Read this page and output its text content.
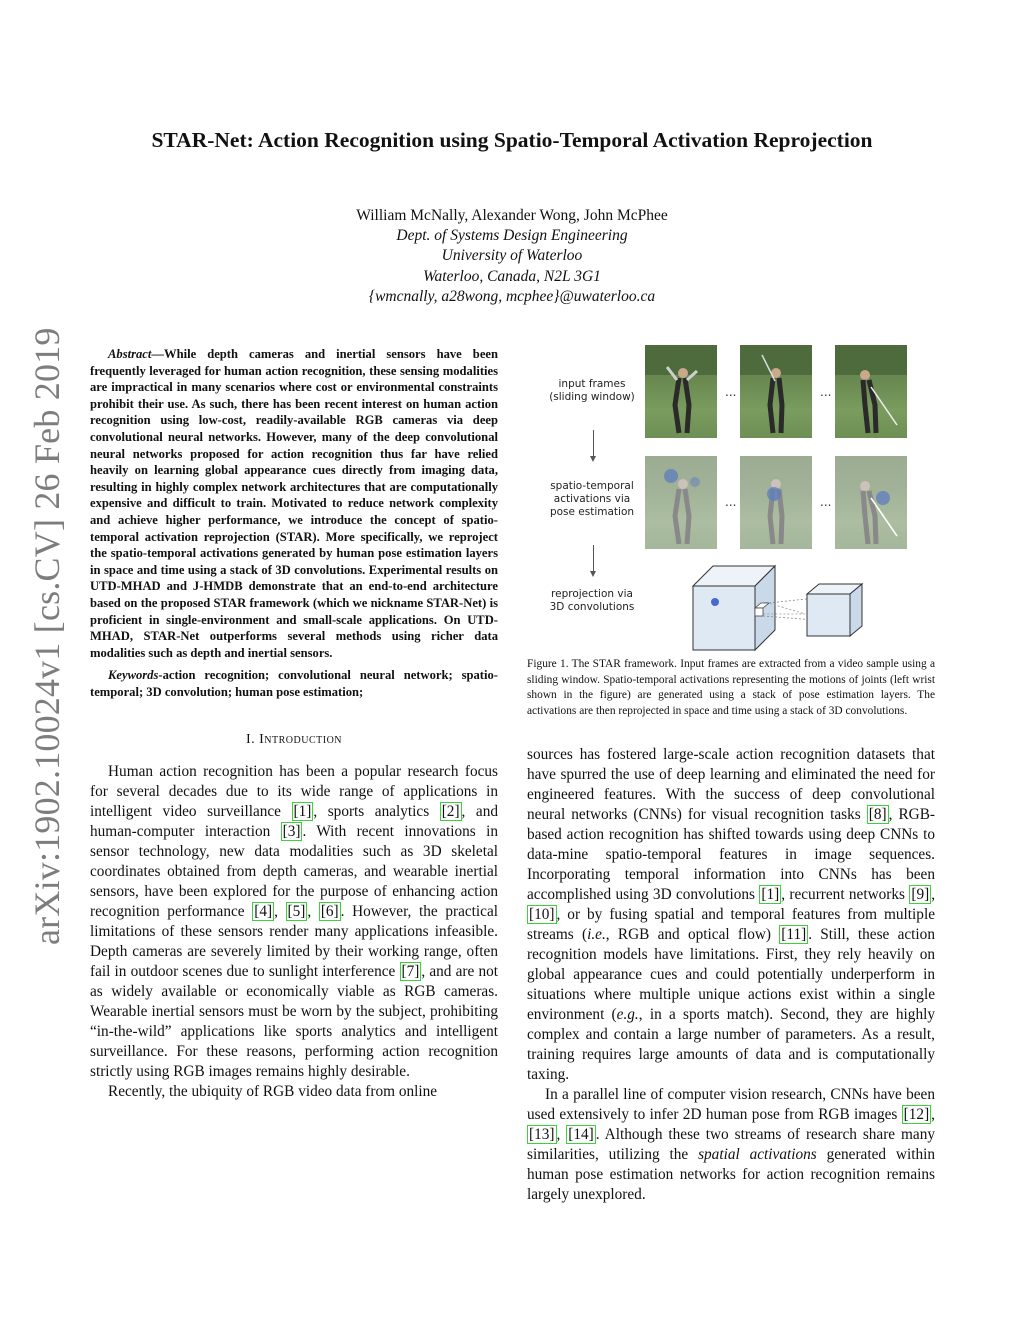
arXiv:1902.10024v1 [cs.CV] 26 Feb 2019
STAR-Net: Action Recognition using Spatio-Temporal Activation Reprojection
William McNally, Alexander Wong, John McPhee
Dept. of Systems Design Engineering
University of Waterloo
Waterloo, Canada, N2L 3G1
{wmcnally, a28wong, mcphee}@uwaterloo.ca

Abstract—While depth cameras and inertial sensors have been frequently leveraged for human action recognition, these sensing modalities are impractical in many scenarios where cost or environmental constraints prohibit their use. As such, there has been recent interest on human action recognition using low-cost, readily-available RGB cameras via deep convolutional neural networks. However, many of the deep convolutional neural networks proposed for action recognition thus far have relied heavily on learning global appearance cues directly from imaging data, resulting in highly complex network architectures that are computationally expensive and difficult to train. Motivated to reduce network complexity and achieve higher performance, we introduce the concept of spatio-temporal activation reprojection (STAR). More specifically, we reproject the spatio-temporal activations generated by human pose estimation layers in space and time using a stack of 3D convolutions. Experimental results on UTD-MHAD and J-HMDB demonstrate that an end-to-end architecture based on the proposed STAR framework (which we nickname STAR-Net) is proficient in single-environment and small-scale applications. On UTD-MHAD, STAR-Net outperforms several methods using richer data modalities such as depth and inertial sensors.

Keywords-action recognition; convolutional neural network; spatio-temporal; 3D convolution; human pose estimation;

I. Introduction

Human action recognition has been a popular research focus for several decades due to its wide range of applications in intelligent video surveillance [1] , sports analytics [2] , and human-computer interaction [3] . With recent innovations in sensor technology, new data modalities such as 3D skeletal coordinates obtained from depth cameras, and wearable inertial sensors, have been explored for the purpose of enhancing action recognition performance [4] , [5] , [6] . However, the practical limitations of these sensors render many applications infeasible. Depth cameras are severely limited by their working range, often fail in outdoor scenes due to sunlight interference [7] , and are not as widely available or economically viable as RGB cameras. Wearable inertial sensors must be worn by the subject, prohibiting “in-the-wild” applications like sports analytics and intelligent surveillance. For these reasons, performing action recognition strictly using RGB images remains highly desirable.

Recently, the ubiquity of RGB video data from online

input frames
(sliding window)
spatio-temporal
activations via
pose estimation
reprojection via
3D convolutions
...	...
...	...
Figure 1. The STAR framework. Input frames are extracted from a video sample using a sliding window. Spatio-temporal activations representing the motions of joints (left wrist shown in the figure) are generated using a stack of pose estimation layers. The activations are then reprojected in space and time using a stack of 3D convolutions.

sources has fostered large-scale action recognition datasets that have spurred the use of deep learning and eliminated the need for engineered features. With the success of deep convolutional neural networks (CNNs) for visual recognition tasks [8] , RGB-based action recognition has shifted towards using deep CNNs to data-mine spatio-temporal features in image sequences. Incorporating temporal information into CNNs has been accomplished using 3D convolutions [1] , recurrent networks [9] , [10] , or by fusing spatial and temporal features from multiple streams (i.e., RGB and optical flow) [11] . Still, these action recognition models have limitations. First, they rely heavily on global appearance cues and could potentially underperform in situations where multiple unique actions exist within a single environment (e.g., in a sports match). Second, they are highly complex and contain a large number of parameters. As a result, training requires large amounts of data and is computationally taxing.

In a parallel line of computer vision research, CNNs have been used extensively to infer 2D human pose from RGB images [12] , [13] , [14] . Although these two streams of research share many similarities, utilizing the spatial activations generated within human pose estimation networks for action recognition remains largely unexplored.
